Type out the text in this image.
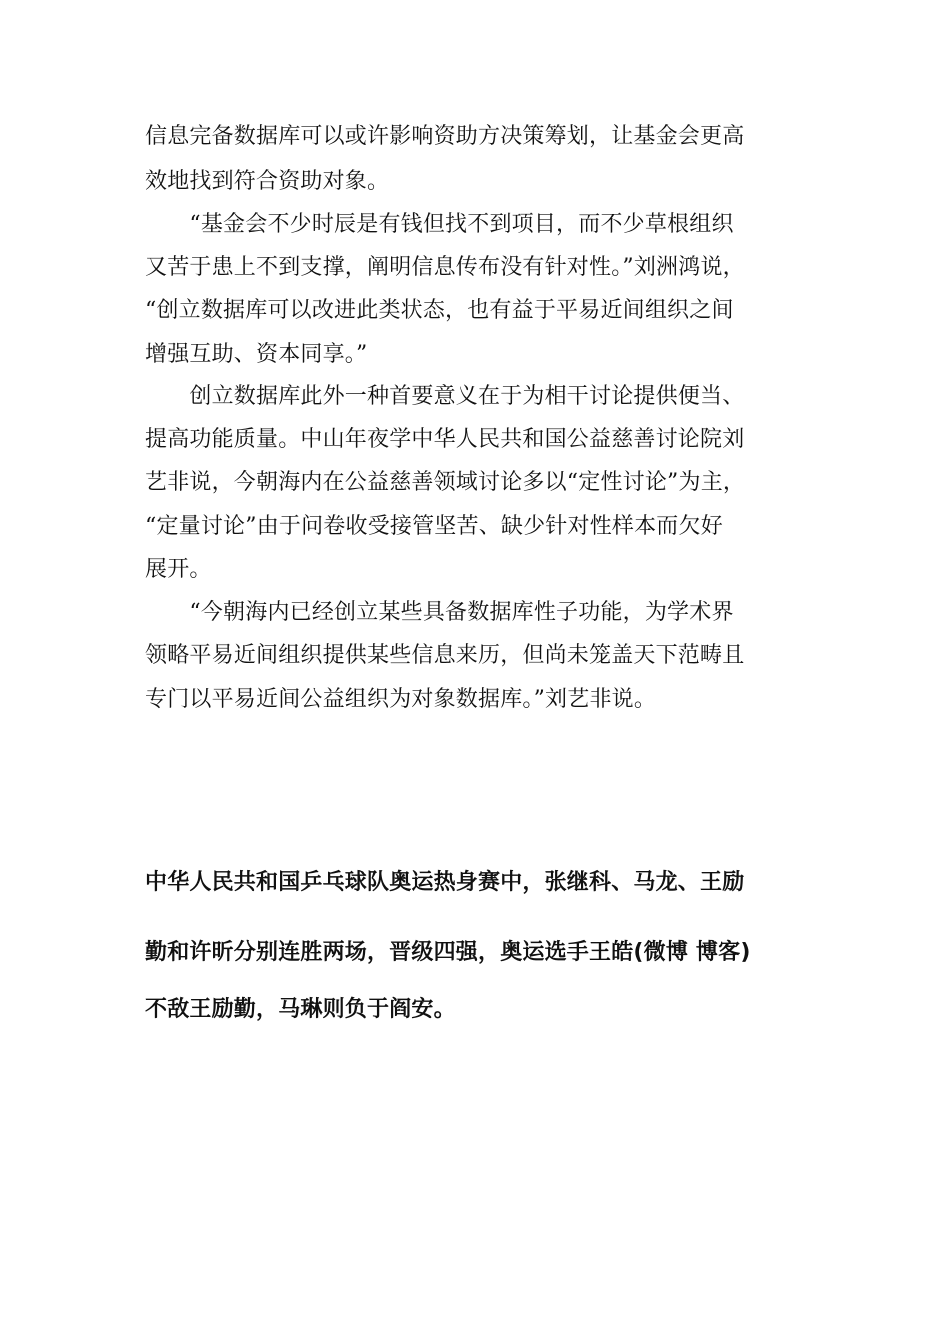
信息完备数据库可以或许影响资助方决策筹划，让基金会更高
效地找到符合资助对象。
　　“基金会不少时辰是有钱但找不到项目，而不少草根组织
又苦于患上不到支撑，阐明信息传布没有针对性。”刘洲鸿说，
“创立数据库可以改进此类状态，也有益于平易近间组织之间
增强互助、资本同享。”
　　创立数据库此外一种首要意义在于为相干讨论提供便当、
提高功能质量。中山年夜学中华人民共和国公益慈善讨论院刘
艺非说，今朝海内在公益慈善领域讨论多以“定性讨论”为主，
“定量讨论”由于问卷收受接管坚苦、缺少针对性样本而欠好
展开。
　　“今朝海内已经创立某些具备数据库性子功能，为学术界
领略平易近间组织提供某些信息来历，但尚未笼盖天下范畴且
专门以平易近间公益组织为对象数据库。”刘艺非说。
中华人民共和国乒乓球队奥运热身赛中，张继科、马龙、王励
勤和许昕分别连胜两场，晋级四强，奥运选手王皓(微博 博客)
不敌王励勤，马琳则负于阎安。
